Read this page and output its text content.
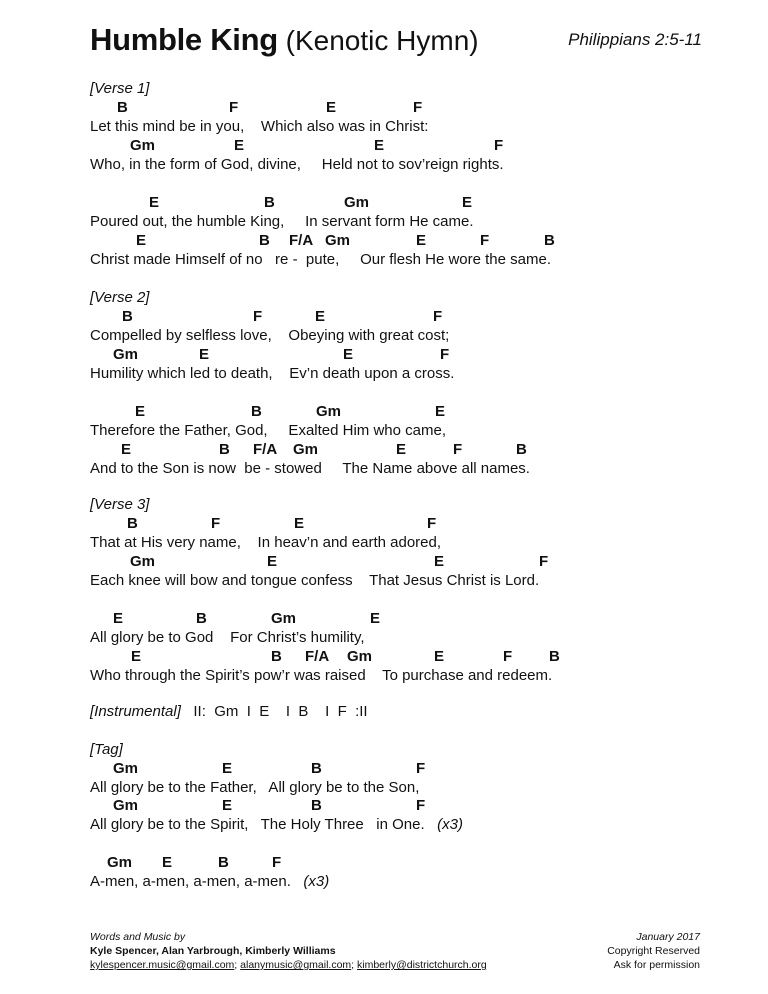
Humble King (Kenotic Hymn)	Philippians 2:5-11
[Verse 1]
B	F	E	F
Let this mind be in you,    Which also was in Christ:
Gm	E	E	F
Who, in the form of God, divine,     Held not to sov’reign rights.
E	B	Gm	E
Poured out, the humble King,     In servant form He came.
E	B F/A Gm	E	F	B
Christ made Himself of no   re -  pute,     Our flesh He wore the same.
[Verse 2]
B	F	E	F
Compelled by selfless love,    Obeying with great cost;
Gm	E	E	F
Humility which led to death,    Ev’n death upon a cross.
E	B	Gm	E
Therefore the Father, God,     Exalted Him who came,
E	B F/A Gm	E	F	B
And to the Son is now  be - stowed     The Name above all names.
[Verse 3]
B	F	E	F
That at His very name,    In heav’n and earth adored,
Gm	E	E	F
Each knee will bow and tongue confess    That Jesus Christ is Lord.
E	B	Gm	E
All glory be to God    For Christ’s humility,
E	B F/A Gm	E	F B
Who through the Spirit’s pow’r was raised    To purchase and redeem.
[Instrumental]   II:  Gm  I  E    I  B    I  F  :II
[Tag]
Gm	E	B	F
All glory be to the Father,   All glory be to the Son,
Gm	E	B	F
All glory be to the Spirit,   The Holy Three   in One.   (x3)
Gm E	B	F
A-men, a-men, a-men, a-men.   (x3)
Words and Music by
Kyle Spencer, Alan Yarbrough, Kimberly Williams
kylespencer.music@gmail.com; alanymusic@gmail.com; kimberly@districtchurch.org
January 2017
Copyright Reserved
Ask for permission
